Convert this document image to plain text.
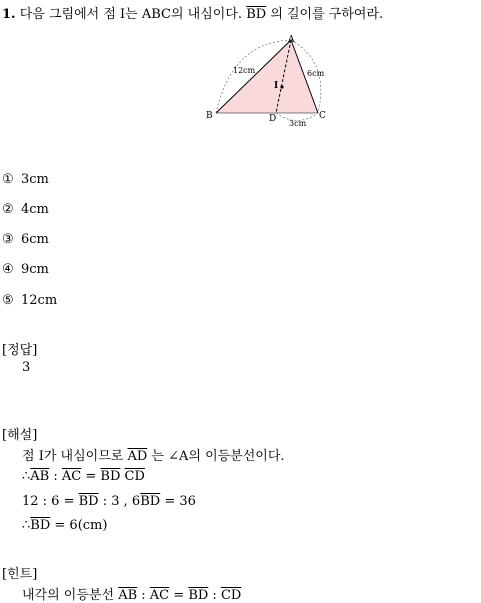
1. 다음 그림에서 점 I는 ABC의 내심이다. $\overline{BD}$ 의 길이를 구하여라.
A
B	C
D
I
12cm	6cm
3cm
① 3cm
② 4cm
③ 6cm
④ 9cm
⑤ 12cm
[정답]
3
[해설]
점 I가 내심이므로 $\overline{AD}$ 는 ∠A의 이등분선이다.
$\therefore\overline{AB}$ : $\overline{AC} = \overline{BD}$ $\overline{CD}$
12 : $6 = \overline{BD}$ : 3 , $6\overline{BD} = 36$
$\therefore\overline{BD} = 6(cm)$
[힌트]
내각의 이등분선 $\overline{AB}$ : $\overline{AC} = \overline{BD}$ : $\overline{CD}$
